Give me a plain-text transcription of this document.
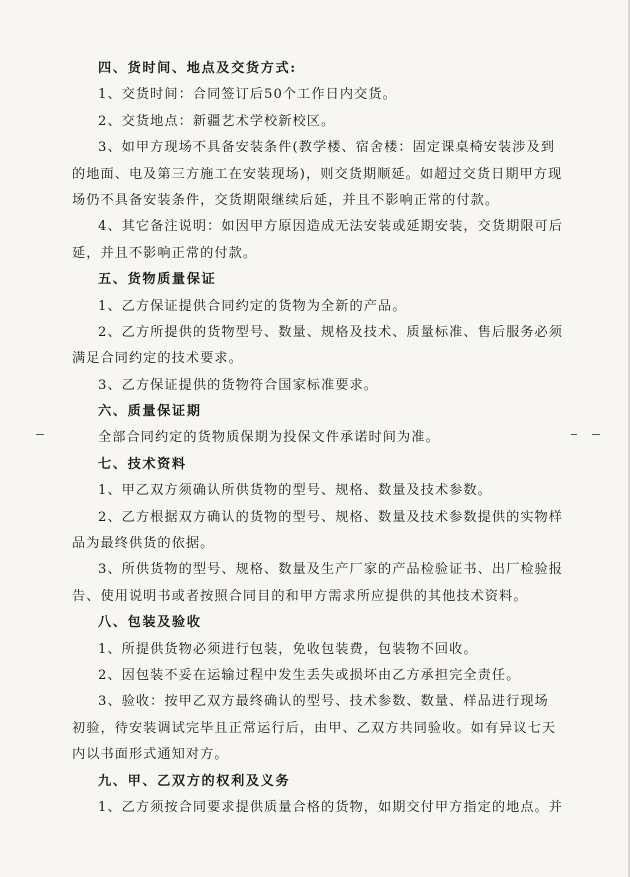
四、货时间、地点及交货方式:
1、交货时间：合同签订后50个工作日内交货。
2、交货地点：新疆艺术学校新校区。
3、如甲方现场不具备安装条件(教学楼、宿舍楼：固定课桌椅安装涉及到
的地面、电及第三方施工在安装现场)，则交货期顺延。如超过交货日期甲方现
场仍不具备安装条件，交货期限继续后延，并且不影响正常的付款。
4、其它备注说明：如因甲方原因造成无法安装或延期安装，交货期限可后
延，并且不影响正常的付款。
五、货物质量保证
1、乙方保证提供合同约定的货物为全新的产品。
2、乙方所提供的货物型号、数量、规格及技术、质量标准、售后服务必须
满足合同约定的技术要求。
3、乙方保证提供的货物符合国家标准要求。
六、质量保证期
全部合同约定的货物质保期为投保文件承诺时间为准。
七、技术资料
1、甲乙双方须确认所供货物的型号、规格、数量及技术参数。
2、乙方根据双方确认的货物的型号、规格、数量及技术参数提供的实物样
品为最终供货的依据。
3、所供货物的型号、规格、数量及生产厂家的产品检验证书、出厂检验报
告、使用说明书或者按照合同目的和甲方需求所应提供的其他技术资料。
八、包装及验收
1、所提供货物必须进行包装，免收包装费，包装物不回收。
2、因包装不妥在运输过程中发生丢失或损坏由乙方承担完全责任。
3、验收：按甲乙双方最终确认的型号、技术参数、数量、样品进行现场
初验，待安装调试完毕且正常运行后，由甲、乙双方共同验收。如有异议七天
内以书面形式通知对方。
九、甲、乙双方的权利及义务
1、乙方须按合同要求提供质量合格的货物，如期交付甲方指定的地点。并
